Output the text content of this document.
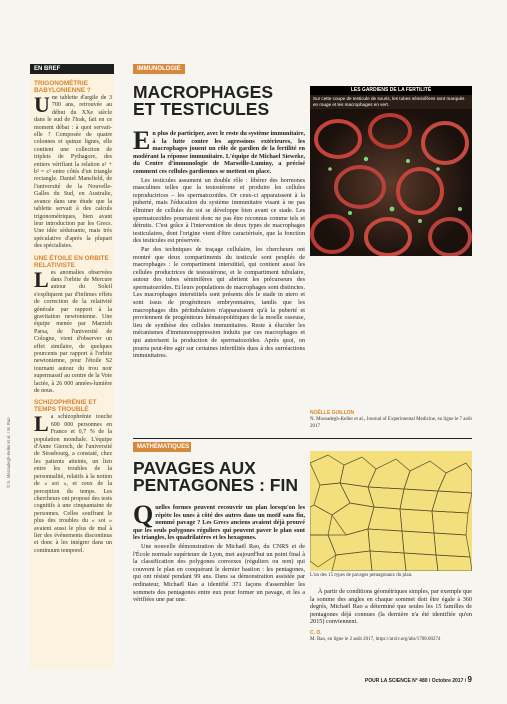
EN BREF
TRIGONOMÉTRIE BABYLONIENNE ?

Une tablette d'argile de 3 700 ans, retrouvée au début du XXe siècle dans le sud de l'Irak, fait en ce moment débat : à quoi servait-elle ? Composée de quatre colonnes et quinze lignes, elle contient une collection de triplets de Pythagore, des entiers vérifiant la relation a² + b² = c² entre côtés d'un triangle rectangle. Daniel Mansfield, de l'université de la Nouvelle-Galles du Sud, en Australie, avance dans une étude que la tablette servait à des calculs trigonométriques, bien avant leur introduction par les Grecs. Une idée séduisante, mais très spéculative d'après la plupart des spécialistes.

UNE ÉTOILE EN ORBITE RELATIVISTE

Les anomalies observées dans l'orbite de Mercure autour du Soleil s'expliquent par d'infimes effets de correction de la relativité générale par rapport à la gravitation newtonienne. Une équipe menée par Marzieh Parsa, de l'université de Cologne, vient d'observer un effet similaire, de quelques pourcents par rapport à l'orbite newtonienne, pour l'étoile S2 tournant autour du trou noir supermassif au centre de la Voie lactée, à 26 000 années-lumière de nous.

SCHIZOPHRÉNIE ET TEMPS TROUBLÉ

La schizophrénie touche 600 000 personnes en France et 0,7 % de la population mondiale. L'équipe d'Anne Giersch, de l'université de Strasbourg, a constaté, chez les patients atteints, un lien entre les troubles de la personnalité, relatifs à la notion de « soi », et ceux de la perception du temps. Les chercheurs ont proposé des tests cognitifs à une cinquantaine de personnes. Celles souffrant le plus des troubles du « soi » avaient aussi le plus de mal à lier des événements discontinus et donc à les intégrer dans un continuum temporel.

IMMUNOLOGIE
MACROPHAGES
ET TESTICULES

En plus de participer, avec le reste du système immunitaire, à la lutte contre les agressions extérieures, les macrophages jouent un rôle de gardien de la fertilité en modérant la réponse immunitaire. L'équipe de Michael Sieweke, du Centre d'immunologie de Marseille-Luminy, a précisé comment ces cellules gardiennes se mettent en place.

Les testicules assument un double rôle : libérer des hormones masculines telles que la testostérone et produire les cellules reproductrices – les spermatozoïdes. Or ceux-ci apparaissent à la puberté, mais l'éducation du système immunitaire visant à ne pas éliminer de cellules du soi se développe bien avant ce stade. Les spermatozoïdes pourraient donc ne pas être reconnus comme tels et détruits. C'est grâce à l'intervention de deux types de macrophages testiculaires, dont l'origine vient d'être caractérisée, que la fonction des testicules est préservée.

Par des techniques de traçage cellulaire, les chercheurs ont montré que deux compartiments du testicule sont peuplés de macrophages : le compartiment interstitiel, qui contient aussi les cellules productrices de testostérone, et le compartiment tubulaire, autour des tubes séminifères qui abritent les précurseurs des spermatozoïdes. Et leurs populations de macrophages sont distinctes. Les macrophages interstitiels sont présents dès le stade in utero et sont issus de progéniteurs embryonnaires, tandis que les macrophages dits péritubulaires n'apparaissent qu'à la puberté et proviennent de progéniteurs hématopoïétiques de la moelle osseuse, lieu de synthèse des cellules immunitaires. Reste à élucider les mécanismes d'immunosuppression induits par ces macrophages et qui autorisent la production de spermatozoïdes. Après quoi, on pourra peut-être agir sur certaines infertilités dues à des surréactions immunitaires.

LES GARDIENS DE LA FERTILITÉ
Sur cette coupe de testicule de souris, les tubes séminifères sont marqués en rouge et les macrophages en vert.
NOËLLE GUILLON
N. Mossadegh-Keller et al., Journal of Experimental Medicine, en ligne le 7 août 2017
MATHÉMATIQUES
PAVAGES AUX
PENTAGONES : FIN

Quelles formes peuvent recouvrir un plan lorsqu'on les répète les unes à côté des autres dans un motif sans fin, nommé pavage ? Les Grecs anciens avaient déjà prouvé que les seuls polygones réguliers qui peuvent paver le plan sont les triangles, les quadrilatères et les hexagones.

Une nouvelle démonstration de Michaël Rao, du CNRS et de l'École normale supérieure de Lyon, met aujourd'hui un point final à la classification des polygones convexes (réguliers ou non) qui couvrent le plan en conquérant le dernier bastion : les pentagones, qui ont résisté pendant 99 ans. Dans sa démonstration assistée par ordinateur, Michaël Rao a identifié 371 façons d'assembler les sommets des pentagones entre eux pour former un pavage, et les a vérifiées une par une.

L'un des 15 types de pavages pentagonaux du plan.

À partir de conditions géométriques simples, par exemple que la somme des angles en chaque sommet doit être égale à 360 degrés, Michaël Rao a déterminé que seules les 15 familles de pentagones déjà connues (la dernière n'a été identifiée qu'en 2015) conviennent.

C. O.
M. Rao, en ligne le 2 août 2017, https://arxiv.org/abs/1708.00274
POUR LA SCIENCE N° 480 / Octobre 2017 / 9
© N. Mossadegh-Keller et al. / M. Rao
